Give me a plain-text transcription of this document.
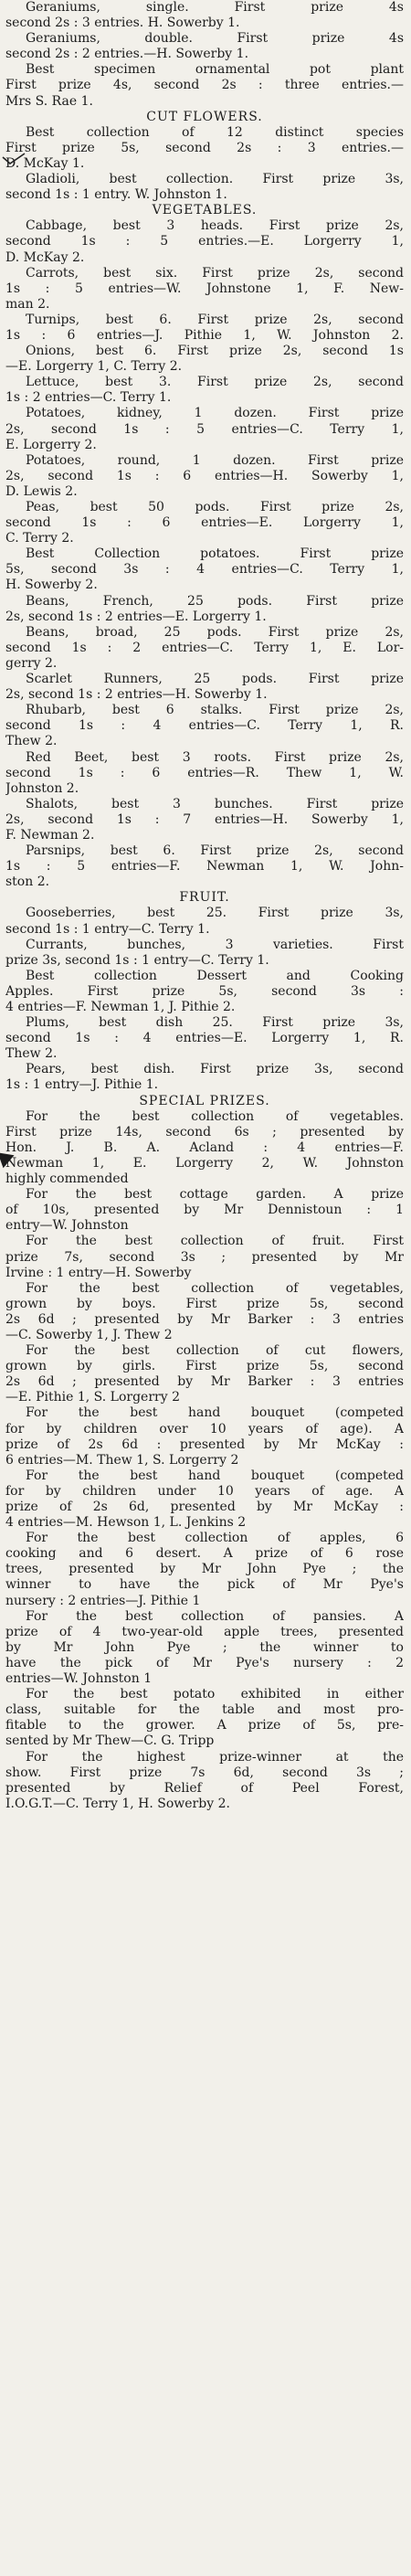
Geraniums, single. First prize 4s
second 2s : 3 entries. H. Sowerby 1.
Geraniums, double. First prize 4s
second 2s : 2 entries.—H. Sowerby 1.
Best specimen ornamental pot plant
First prize 4s, second 2s : three entries.—
Mrs S. Rae 1.
CUT FLOWERS.
Best collection of 12 distinct species
First prize 5s, second 2s : 3 entries.—
D. McKay 1.
Gladioli, best collection. First prize 3s,
second 1s : 1 entry. W. Johnston 1.
VEGETABLES.
Cabbage, best 3 heads. First prize 2s,
second 1s : 5 entries.—E. Lorgerry 1,
D. McKay 2.
Carrots, best six. First prize 2s, second
1s : 5 entries—W. Johnstone 1, F. New-
man 2.
Turnips, best 6. First prize 2s, second
1s : 6 entries—J. Pithie 1, W. Johnston 2.
Onions, best 6. First prize 2s, second 1s
—E. Lorgerry 1, C. Terry 2.
Lettuce, best 3. First prize 2s, second
1s : 2 entries—C. Terry 1.
Potatoes, kidney, 1 dozen. First prize
2s, second 1s : 5 entries—C. Terry 1,
E. Lorgerry 2.
Potatoes, round, 1 dozen. First prize
2s, second 1s : 6 entries—H. Sowerby 1,
D. Lewis 2.
Peas, best 50 pods. First prize 2s,
second 1s : 6 entries—E. Lorgerry 1,
C. Terry 2.
Best Collection potatoes. First prize
5s, second 3s : 4 entries—C. Terry 1,
H. Sowerby 2.
Beans, French, 25 pods. First prize
2s, second 1s : 2 entries—E. Lorgerry 1.
Beans, broad, 25 pods. First prize 2s,
second 1s : 2 entries—C. Terry 1, E. Lor-
gerry 2.
Scarlet Runners, 25 pods. First prize
2s, second 1s : 2 entries—H. Sowerby 1.
Rhubarb, best 6 stalks. First prize 2s,
second 1s : 4 entries—C. Terry 1, R.
Thew 2.
Red Beet, best 3 roots. First prize 2s,
second 1s : 6 entries—R. Thew 1, W.
Johnston 2.
Shalots, best 3 bunches. First prize
2s, second 1s : 7 entries—H. Sowerby 1,
F. Newman 2.
Parsnips, best 6. First prize 2s, second
1s : 5 entries—F. Newman 1, W. John-
ston 2.
FRUIT.
Gooseberries, best 25. First prize 3s,
second 1s : 1 entry—C. Terry 1.
Currants, bunches, 3 varieties. First
prize 3s, second 1s : 1 entry—C. Terry 1.
Best collection Dessert and Cooking
Apples. First prize 5s, second 3s :
4 entries—F. Newman 1, J. Pithie 2.
Plums, best dish 25. First prize 3s,
second 1s : 4 entries—E. Lorgerry 1, R.
Thew 2.
Pears, best dish. First prize 3s, second
1s : 1 entry—J. Pithie 1.
SPECIAL PRIZES.
For the best collection of vegetables.
First prize 14s, second 6s ; presented by
Hon. J. B. A. Acland : 4 entries—F.
Newman 1, E. Lorgerry 2, W. Johnston
highly commended
For the best cottage garden. A prize
of 10s, presented by Mr Dennistoun : 1
entry—W. Johnston
For the best collection of fruit. First
prize 7s, second 3s ; presented by Mr
Irvine : 1 entry—H. Sowerby
For the best collection of vegetables,
grown by boys. First prize 5s, second
2s 6d ; presented by Mr Barker : 3 entries
—C. Sowerby 1, J. Thew 2
For the best collection of cut flowers,
grown by girls. First prize 5s, second
2s 6d ; presented by Mr Barker : 3 entries
—E. Pithie 1, S. Lorgerry 2
For the best hand bouquet (competed
for by children over 10 years of age). A
prize of 2s 6d : presented by Mr McKay :
6 entries—M. Thew 1, S. Lorgerry 2
For the best hand bouquet (competed
for by children under 10 years of age. A
prize of 2s 6d, presented by Mr McKay :
4 entries—M. Hewson 1, L. Jenkins 2
For the best collection of apples, 6
cooking and 6 desert. A prize of 6 rose
trees, presented by Mr John Pye ; the
winner to have the pick of Mr Pye's
nursery : 2 entries—J. Pithie 1
For the best collection of pansies. A
prize of 4 two-year-old apple trees, presented
by Mr John Pye ; the winner to
have the pick of Mr Pye's nursery : 2
entries—W. Johnston 1
For the best potato exhibited in either
class, suitable for the table and most pro-
fitable to the grower. A prize of 5s, pre-
sented by Mr Thew—C. G. Tripp
For the highest prize-winner at the
show. First prize 7s 6d, second 3s ;
presented by Relief of Peel Forest,
I.O.G.T.—C. Terry 1, H. Sowerby 2.
